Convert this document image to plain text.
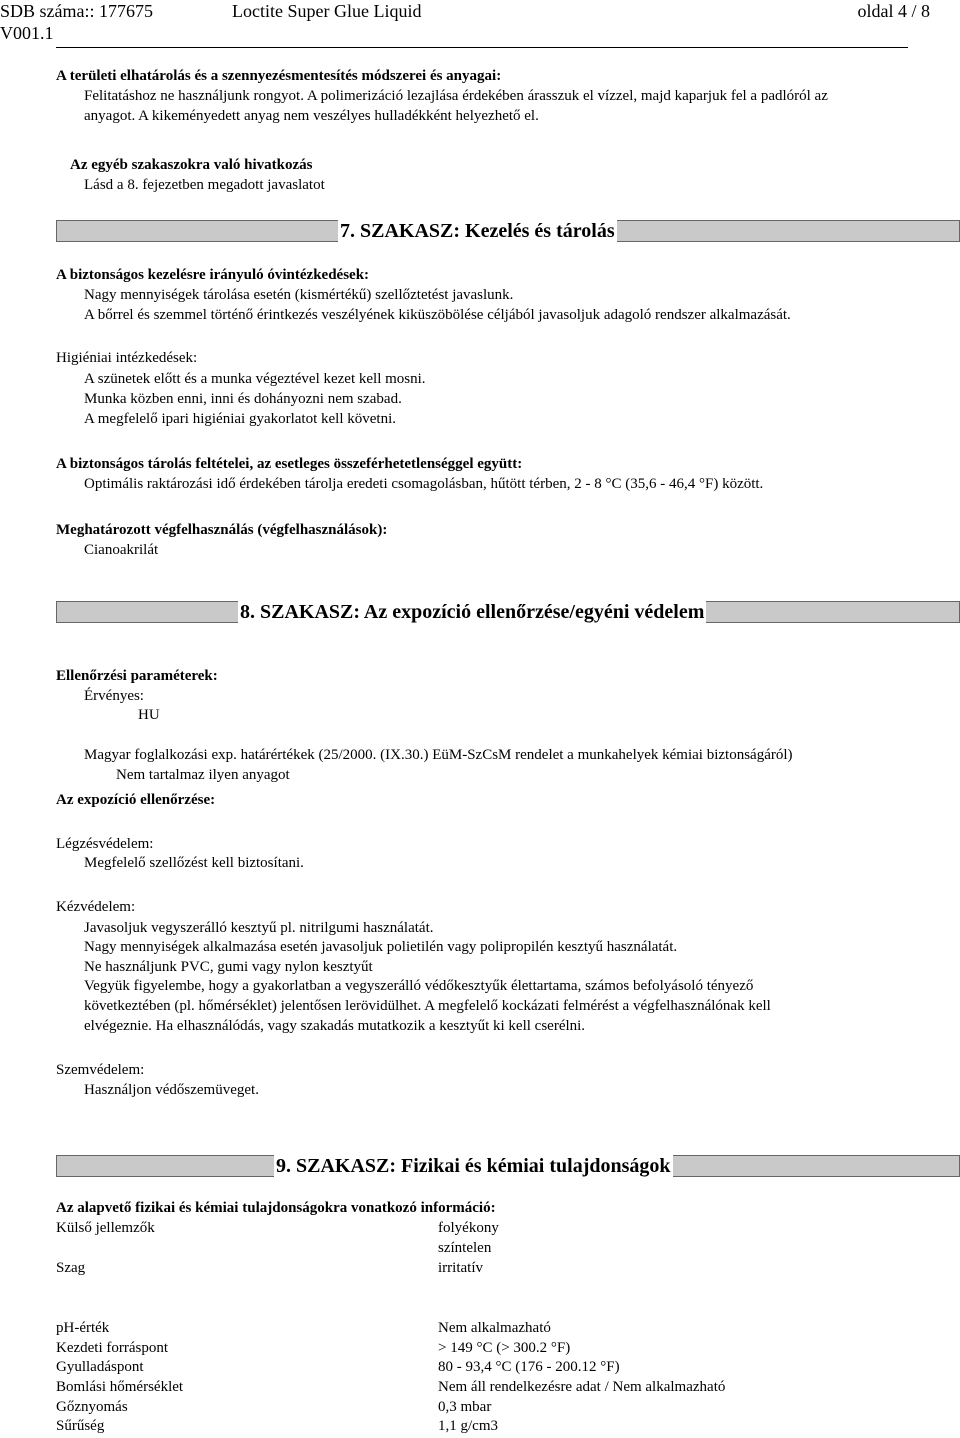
SDB száma:: 177675	Loctite Super Glue Liquid	oldal 4 / 8
V001.1
A területi elhatárolás és a szennyezésmentesítés módszerei és anyagai:
Felitatáshoz ne használjunk rongyot. A polimerizáció lezajlása érdekében árasszuk el vízzel, majd kaparjuk fel a padlóról az
anyagot. A kikeményedett anyag nem veszélyes hulladékként helyezhető el.
Az egyéb szakaszokra való hivatkozás
Lásd a 8. fejezetben megadott javaslatot
7. SZAKASZ: Kezelés és tárolás
A biztonságos kezelésre irányuló óvintézkedések:
Nagy mennyiségek tárolása esetén (kismértékű) szellőztetést javaslunk.
A bőrrel és szemmel történő érintkezés veszélyének kiküszöbölése céljából javasoljuk adagoló rendszer alkalmazását.
Higiéniai intézkedések:
A szünetek előtt és a munka végeztével kezet kell mosni.
Munka közben enni, inni és dohányozni nem szabad.
A megfelelő ipari higiéniai gyakorlatot kell követni.
A biztonságos tárolás feltételei, az esetleges összeférhetetlenséggel együtt:
Optimális raktározási idő érdekében tárolja eredeti csomagolásban, hűtött térben, 2 - 8 °C (35,6 - 46,4 °F) között.
Meghatározott végfelhasználás (végfelhasználások):
Cianoakrilát
8. SZAKASZ: Az expozíció ellenőrzése/egyéni védelem
Ellenőrzési paraméterek:
Érvényes:
HU
Magyar foglalkozási exp. határértékek (25/2000. (IX.30.) EüM-SzCsM rendelet a munkahelyek kémiai biztonságáról)
Nem tartalmaz ilyen anyagot
Az expozíció ellenőrzése:
Légzésvédelem:
Megfelelő szellőzést kell biztosítani.
Kézvédelem:
Javasoljuk vegyszerálló kesztyű pl. nitrilgumi használatát.
Nagy mennyiségek alkalmazása esetén javasoljuk polietilén vagy polipropilén kesztyű használatát.
Ne használjunk PVC, gumi vagy nylon kesztyűt
Vegyük figyelembe, hogy a gyakorlatban a vegyszerálló védőkesztyűk élettartama, számos befolyásoló tényező
következtében (pl. hőmérséklet) jelentősen lerövidülhet. A megfelelő kockázati felmérést a végfelhasználónak kell
elvégeznie. Ha elhasználódás, vagy szakadás mutatkozik a kesztyűt ki kell cserélni.
Szemvédelem:
Használjon védőszemüveget.
9. SZAKASZ: Fizikai és kémiai tulajdonságok
Az alapvető fizikai és kémiai tulajdonságokra vonatkozó információ:
Külső jellemzők	folyékony
színtelen
Szag	irritatív
pH-érték	Nem alkalmazható
Kezdeti forráspont	> 149 °C (> 300.2 °F)
Gyulladáspont	80 - 93,4 °C (176 - 200.12 °F)
Bomlási hőmérséklet	Nem áll rendelkezésre adat / Nem alkalmazható
Gőznyomás	0,3 mbar
Sűrűség	1,1 g/cm3
